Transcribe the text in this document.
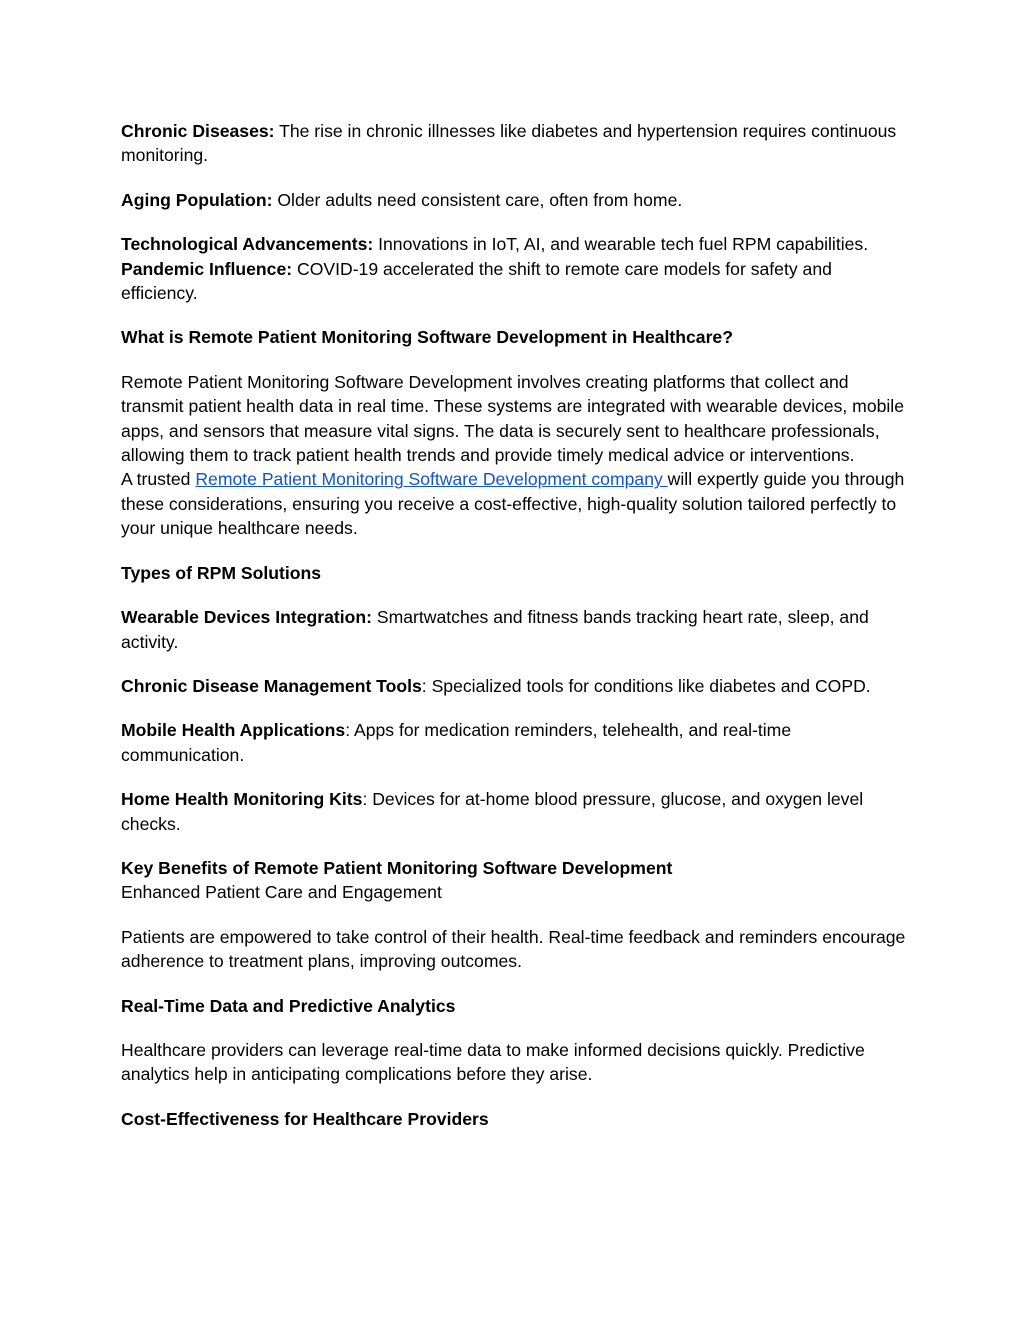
Chronic Diseases: The rise in chronic illnesses like diabetes and hypertension requires continuous monitoring.

Aging Population: Older adults need consistent care, often from home.

Technological Advancements: Innovations in IoT, AI, and wearable tech fuel RPM capabilities.
Pandemic Influence: COVID-19 accelerated the shift to remote care models for safety and efficiency.

What is Remote Patient Monitoring Software Development in Healthcare?

Remote Patient Monitoring Software Development involves creating platforms that collect and transmit patient health data in real time. These systems are integrated with wearable devices, mobile apps, and sensors that measure vital signs. The data is securely sent to healthcare professionals, allowing them to track patient health trends and provide timely medical advice or interventions.
A trusted Remote Patient Monitoring Software Development company will expertly guide you through these considerations, ensuring you receive a cost-effective, high-quality solution tailored perfectly to your unique healthcare needs.

Types of RPM Solutions

Wearable Devices Integration: Smartwatches and fitness bands tracking heart rate, sleep, and activity.

Chronic Disease Management Tools: Specialized tools for conditions like diabetes and COPD.

Mobile Health Applications: Apps for medication reminders, telehealth, and real-time communication.

Home Health Monitoring Kits: Devices for at-home blood pressure, glucose, and oxygen level checks.

Key Benefits of Remote Patient Monitoring Software Development
Enhanced Patient Care and Engagement

Patients are empowered to take control of their health. Real-time feedback and reminders encourage adherence to treatment plans, improving outcomes.

Real-Time Data and Predictive Analytics

Healthcare providers can leverage real-time data to make informed decisions quickly. Predictive analytics help in anticipating complications before they arise.

Cost-Effectiveness for Healthcare Providers
